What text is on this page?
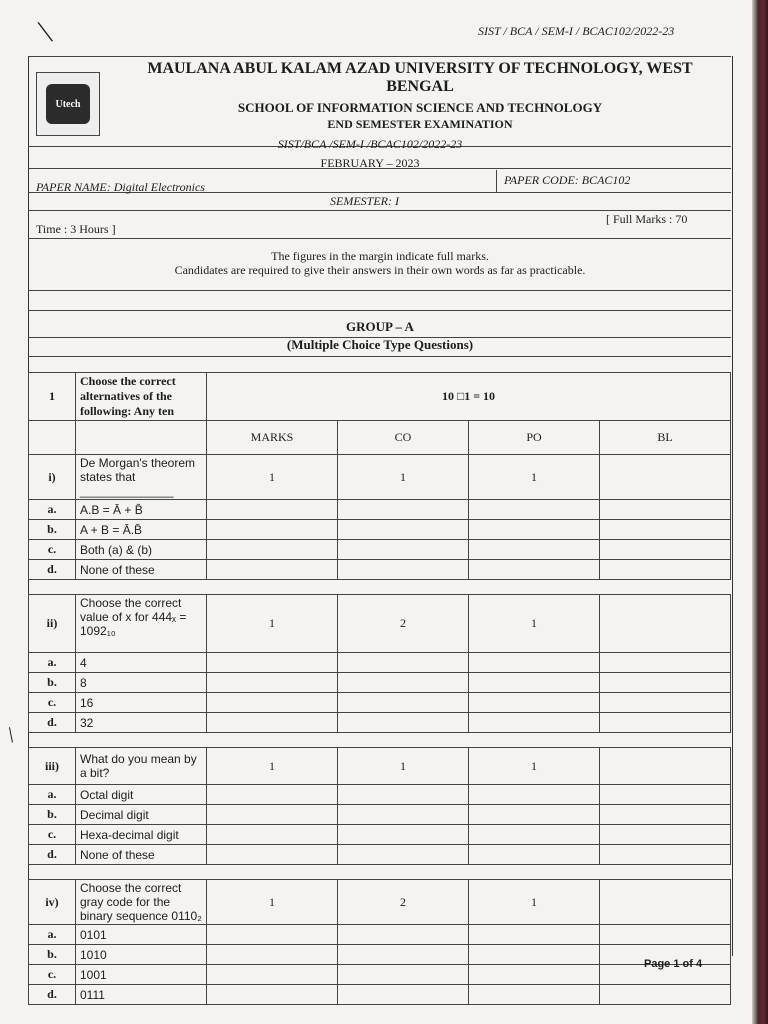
╲
/
SIST / BCA / SEM-I / BCAC102/2022-23
Utech
MAULANA ABUL KALAM AZAD UNIVERSITY OF TECHNOLOGY, WEST BENGAL
SCHOOL OF INFORMATION SCIENCE AND TECHNOLOGY
END SEMESTER EXAMINATION
SIST/BCA /SEM-I /BCAC102/2022-23
FEBRUARY – 2023
PAPER NAME: Digital Electronics	PAPER CODE: BCAC102
SEMESTER: I
Time : 3 Hours ]
[ Full Marks : 70
The figures in the margin indicate full marks.
Candidates are required to give their answers in their own words as far as practicable.
GROUP – A
(Multiple Choice Type Questions)
1	Choose the correct alternatives of the following: Any ten	10 □1 = 10			
		MARKS	CO	PO	BL
i)	De Morgan's theorem states that ______________	1	1	1	
a.	A.B = Ā + B̄				
b.	A + B = Ā.B̄				
c.	Both (a) & (b)				
d.	None of these				

ii)	Choose the correct value of x for 444ₓ = 1092₁₀	1	2	1	
a.	4				
b.	8				
c.	16				
d.	32				

iii)	What do you mean by a bit?	1	1	1	
a.	Octal digit				
b.	Decimal digit				
c.	Hexa-decimal digit				
d.	None of these				

iv)	Choose the correct gray code for the binary sequence 0110₂	1	2	1	
a.	0101				
b.	1010				
c.	1001				
d.	0111				
Page 1 of 4
